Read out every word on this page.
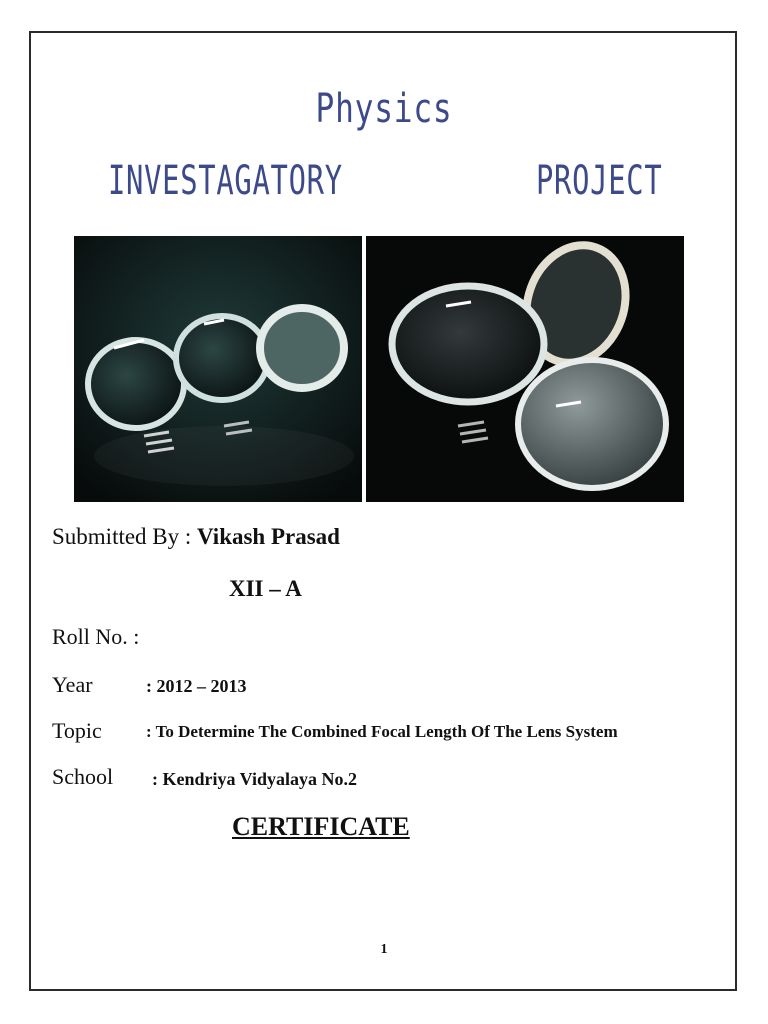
Physics
INVESTAGATORY	PROJECT
Submitted By : Vikash Prasad
XII – A
Roll No. :
Year	: 2012 – 2013
Topic	: To Determine The Combined Focal Length Of The Lens System
School : Kendriya Vidyalaya No.2
CERTIFICATE
1
